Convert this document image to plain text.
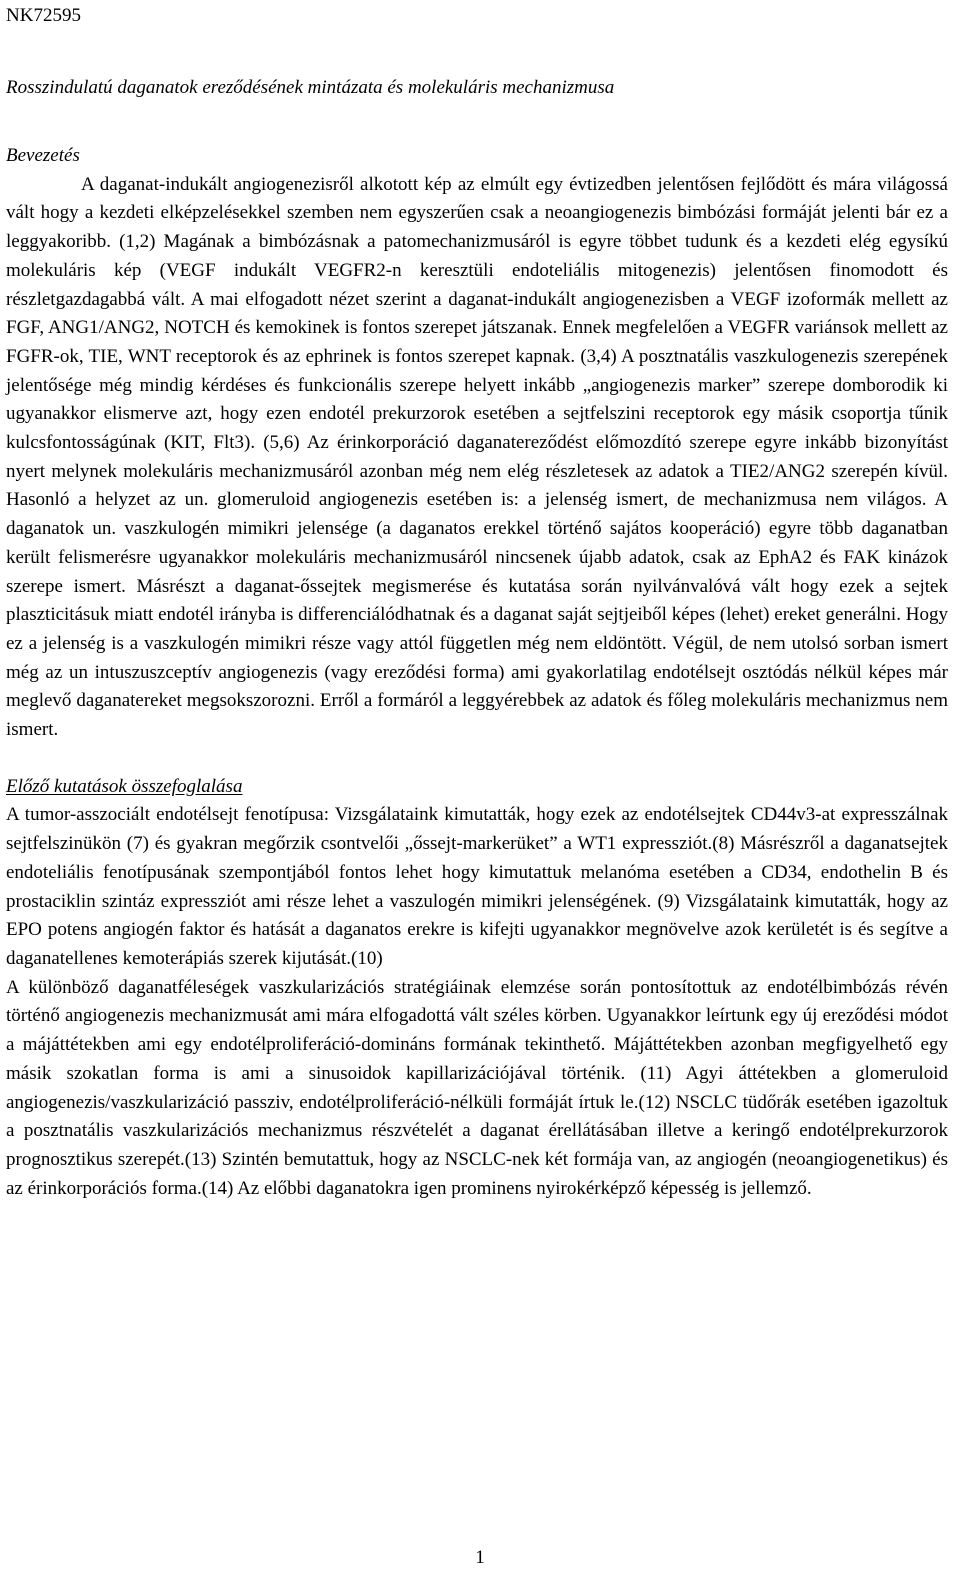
NK72595

Rosszindulatú daganatok ereződésének mintázata és molekuláris mechanizmusa

Bevezetés

A daganat-indukált angiogenezisről alkotott kép az elmúlt egy évtizedben jelentősen fejlődött és mára világossá vált hogy a kezdeti elképzelésekkel szemben nem egyszerűen csak a neoangiogenezis bimbózási formáját jelenti bár ez a leggyakoribb. (1,2) Magának a bimbózásnak a patomechanizmusáról is egyre többet tudunk és a kezdeti elég egysíkú molekuláris kép (VEGF indukált VEGFR2-n keresztüli endoteliális mitogenezis) jelentősen finomodott és részletgazdagabbá vált. A mai elfogadott nézet szerint a daganat-indukált angiogenezisben a VEGF izoformák mellett az FGF, ANG1/ANG2, NOTCH és kemokinek is fontos szerepet játszanak. Ennek megfelelően a VEGFR variánsok mellett az FGFR-ok, TIE, WNT receptorok és az ephrinek is fontos szerepet kapnak. (3,4) A posztnatális vaszkulogenezis szerepének jelentősége még mindig kérdéses és funkcionális szerepe helyett inkább „angiogenezis marker” szerepe domborodik ki ugyanakkor elismerve azt, hogy ezen endotél prekurzorok esetében a sejtfelszini receptorok egy másik csoportja tűnik kulcsfontosságúnak (KIT, Flt3). (5,6) Az érinkorporáció daganatereződést előmozdító szerepe egyre inkább bizonyítást nyert melynek molekuláris mechanizmusáról azonban még nem elég részletesek az adatok a TIE2/ANG2 szerepén kívül. Hasonló a helyzet az un. glomeruloid angiogenezis esetében is: a jelenség ismert, de mechanizmusa nem világos. A daganatok un. vaszkulogén mimikri jelensége (a daganatos erekkel történő sajátos kooperáció) egyre több daganatban került felismerésre ugyanakkor molekuláris mechanizmusáról nincsenek újabb adatok, csak az EphA2 és FAK kinázok szerepe ismert. Másrészt a daganat-őssejtek megismerése és kutatása során nyilvánvalóvá vált hogy ezek a sejtek plaszticitásuk miatt endotél irányba is differenciálódhatnak és a daganat saját sejtjeiből képes (lehet) ereket generálni. Hogy ez a jelenség is a vaszkulogén mimikri része vagy attól független még nem eldöntött. Végül, de nem utolsó sorban ismert még az un intuszuszceptív angiogenezis (vagy ereződési forma) ami gyakorlatilag endotélsejt osztódás nélkül képes már meglevő daganatereket megsokszorozni. Erről a formáról a leggyérebbek az adatok és főleg molekuláris mechanizmus nem ismert.

Előző kutatások összefoglalása

A tumor-asszociált endotélsejt fenotípusa: Vizsgálataink kimutatták, hogy ezek az endotélsejtek CD44v3-at expresszálnak sejtfelszinükön (7) és gyakran megőrzik csontvelői „őssejt-markerüket” a WT1 expressziót.(8) Másrészről a daganatsejtek endoteliális fenotípusának szempontjából fontos lehet hogy kimutattuk melanóma esetében a CD34, endothelin B és prostaciklin szintáz expressziót ami része lehet a vaszulogén mimikri jelenségének. (9) Vizsgálataink kimutatták, hogy az EPO potens angiogén faktor és hatását a daganatos erekre is kifejti ugyanakkor megnövelve azok kerületét is és segítve a daganatellenes kemoterápiás szerek kijutását.(10)

A különböző daganatféleségek vaszkularizációs stratégiáinak elemzése során pontosítottuk az endotélbimbózás révén történő angiogenezis mechanizmusát ami mára elfogadottá vált széles körben. Ugyanakkor leírtunk egy új ereződési módot a májáttétekben ami egy endotélproliferáció-domináns formának tekinthető. Májáttétekben azonban megfigyelhető egy másik szokatlan forma is ami a sinusoidok kapillarizációjával történik. (11) Agyi áttétekben a glomeruloid angiogenezis/vaszkularizáció passziv, endotélproliferáció-nélküli formáját írtuk le.(12) NSCLC tüdőrák esetében igazoltuk a posztnatális vaszkularizációs mechanizmus részvételét a daganat érellátásában illetve a keringő endotélprekurzorok prognosztikus szerepét.(13) Szintén bemutattuk, hogy az NSCLC-nek két formája van, az angiogén (neoangiogenetikus) és az érinkorporációs forma.(14) Az előbbi daganatokra igen prominens nyirokérképző képesség is jellemző.

1
